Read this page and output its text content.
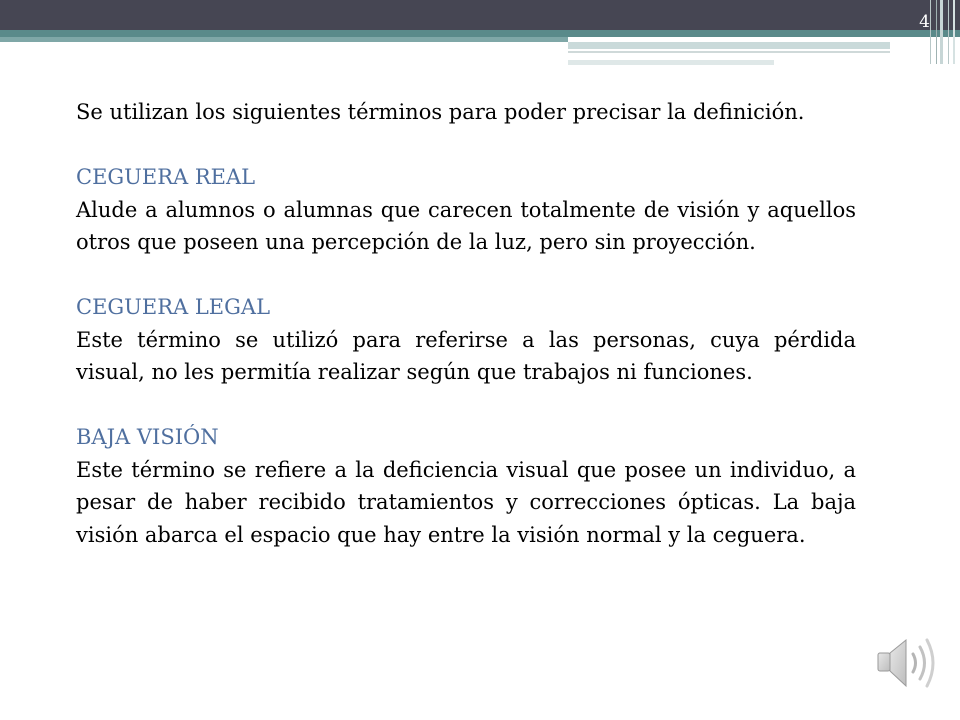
4

Se utilizan los siguientes términos para poder precisar la definición.

CEGUERA REAL

Alude a alumnos o alumnas que carecen totalmente de visión y aquellos otros que poseen una percepción de la luz, pero sin proyección.

CEGUERA LEGAL

Este término se utilizó para referirse a las personas, cuya pérdida visual, no les permitía realizar según que trabajos ni funciones.

BAJA VISIÓN

Este término se refiere a la deficiencia visual que posee un individuo, a pesar de haber recibido tratamientos y correcciones ópticas. La baja visión abarca el espacio que hay entre la visión normal y la ceguera.
